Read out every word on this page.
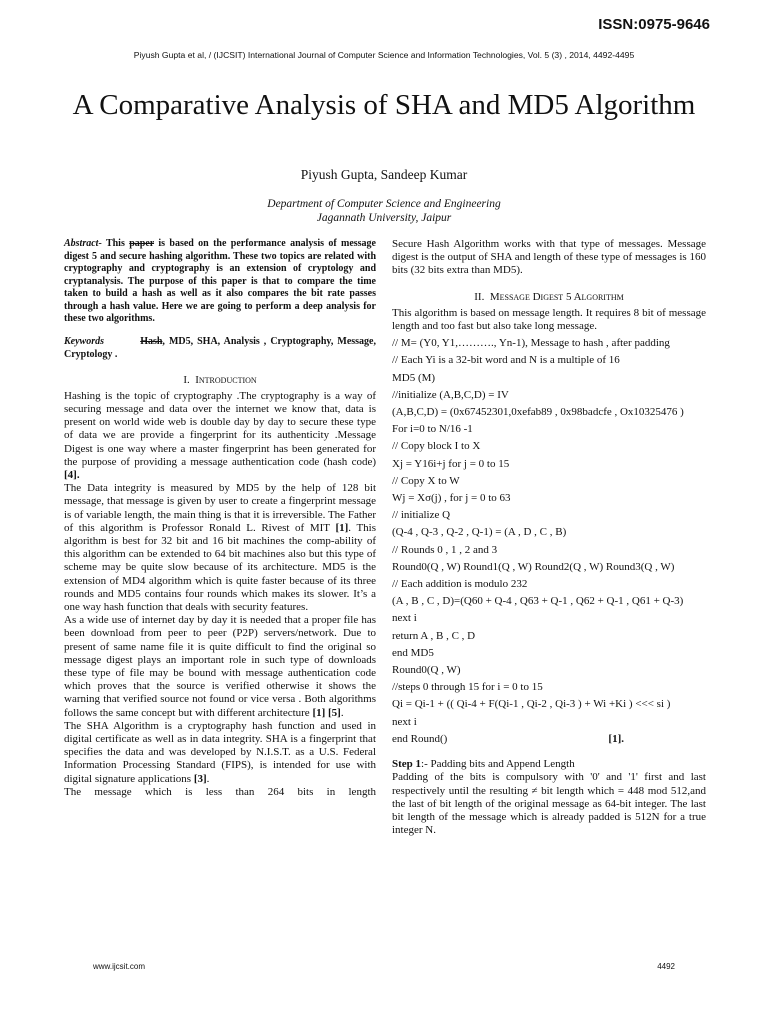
ISSN:0975-9646
Piyush Gupta et al, / (IJCSIT) International Journal of Computer Science and Information Technologies, Vol. 5 (3) , 2014, 4492-4495
A Comparative Analysis of SHA and MD5 Algorithm
Piyush Gupta, Sandeep Kumar
Department of Computer Science and Engineering
Jagannath University, Jaipur

Abstract- This paper is based on the performance analysis of message digest 5 and secure hashing algorithm. These two topics are related with cryptography and cryptography is an extension of cryptology and cryptanalysis. The purpose of this paper is that to compare the time taken to build a hash as well as it also compares the bit rate passes through a hash value. Here we are going to perform a deep analysis for these two algorithms.

Keywords	Hash, MD5, SHA, Analysis , Cryptography, Message, Cryptology .

I. Introduction

Hashing is the topic of cryptography .The cryptography is a way of securing message and data over the internet we know that, data is present on world wide web is double day by day to secure these type of data we are provide a fingerprint for its authenticity .Message Digest is one way where a master fingerprint has been generated for the purpose of providing a message authentication code (hash code) [4].

The Data integrity is measured by MD5 by the help of 128 bit message, that message is given by user to create a fingerprint message is of variable length, the main thing is that it is irreversible. The Father of this algorithm is Professor Ronald L. Rivest of MIT [1]. This algorithm is best for 32 bit and 16 bit machines the comp-ability of this algorithm can be extended to 64 bit machines also but this type of scheme may be quite slow because of its architecture. MD5 is the extension of MD4 algorithm which is quite faster because of its three rounds and MD5 contains four rounds which makes its slower. It’s a one way hash function that deals with security features.

As a wide use of internet day by day it is needed that a proper file has been download from peer to peer (P2P) servers/network. Due to present of same name file it is quite difficult to find the original so message digest plays an important role in such type of downloads these type of file may be bound with message authentication code which proves that the source is verified otherwise it shows the warning that verified source not found or vice versa . Both algorithms follows the same concept but with different architecture [1] [5].

The SHA Algorithm is a cryptography hash function and used in digital certificate as well as in data integrity. SHA is a fingerprint that specifies the data and was developed by N.I.S.T. as a U.S. Federal Information Processing Standard (FIPS), is intended for use with digital signature applications [3].

The message which is less than 264 bits in length

Secure Hash Algorithm works with that type of messages. Message digest is the output of SHA and length of these type of messages is 160 bits (32 bits extra than MD5).

II. Message Digest 5 Algorithm

This algorithm is based on message length. It requires 8 bit of message length and too fast but also take long message.

// M= (Y0, Y1,………., Yn-1), Message to hash , after padding

// Each Yi is a 32-bit word and N is a multiple of 16

MD5 (M)

//initialize (A,B,C,D) = IV

(A,B,C,D) = (0x67452301,0xefab89 , 0x98badcfe , Ox10325476 )

For i=0 to N/16 -1

// Copy block I to X

Xj = Y16i+j for j = 0 to 15

// Copy X to W

Wj = Xσ(j) , for j = 0 to 63

// initialize Q

(Q-4 , Q-3 , Q-2 , Q-1) = (A , D , C , B)

// Rounds 0 , 1 , 2 and 3

Round0(Q , W) Round1(Q , W) Round2(Q , W) Round3(Q , W)

// Each addition is modulo 232

(A , B , C , D)=(Q60 + Q-4 , Q63 + Q-1 , Q62 + Q-1 , Q61 + Q-3)

next i

return A , B , C , D

end MD5

Round0(Q , W)

//steps 0 through 15 for i = 0 to 15

Qi = Qi-1 + (( Qi-4 + F(Qi-1 , Qi-2 , Qi-3 ) + Wi +Ki ) <<< si )

next i

end Round()	[1].

Step 1:- Padding bits and Append Length

Padding of the bits is compulsory with '0' and '1' first and last respectively until the resulting ≠ bit length which = 448 mod 512,and the last of bit length of the original message as 64-bit integer. The last bit length of the message which is already padded is 512N for a true integer N.

www.ijcsit.com	4492
